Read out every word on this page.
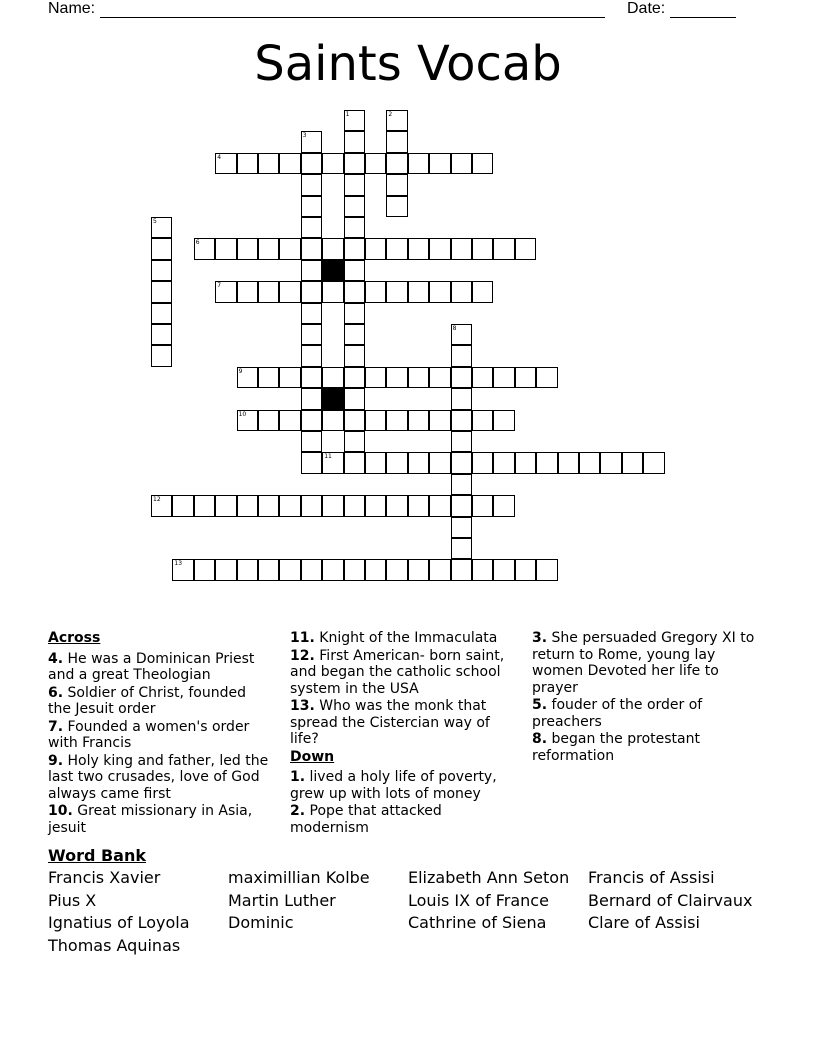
Name:	Date:
Saints Vocab
1	2
3
4
5
6
7
8
9
10
11
12
13
Across
4. He was a Dominican Priest and a great Theologian
6. Soldier of Christ, founded the Jesuit order
7. Founded a women's order with Francis
9. Holy king and father, led the last two crusades, love of God always came first
10. Great missionary in Asia, jesuit
11. Knight of the Immaculata
12. First American- born saint, and began the catholic school system in the USA
13. Who was the monk that spread the Cistercian way of life?
Down
1. lived a holy life of poverty, grew up with lots of money
2. Pope that attacked modernism
3. She persuaded Gregory XI to return to Rome, young lay women Devoted her life to prayer
5. fouder of the order of preachers
8. began the protestant reformation
Word Bank
Francis Xavier	maximillian Kolbe	Elizabeth Ann Seton	Francis of Assisi
Pius X	Martin Luther	Louis IX of France	Bernard of Clairvaux
Ignatius of Loyola	Dominic	Cathrine of Siena	Clare of Assisi
Thomas Aquinas
